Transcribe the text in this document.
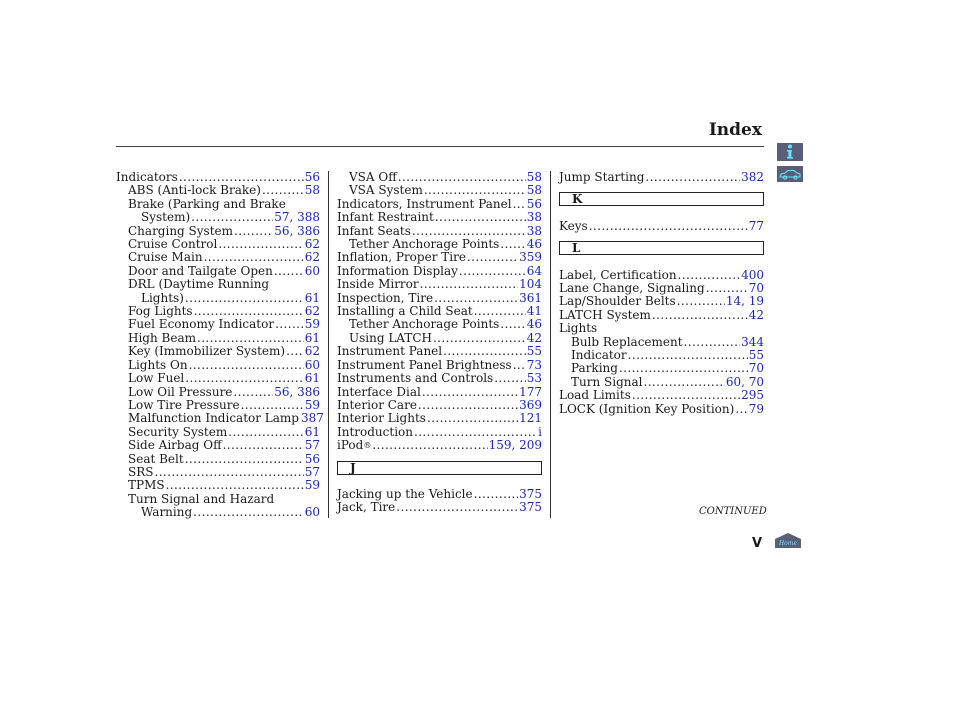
Index
Indicators .....	56
ABS (Anti-lock Brake) .....	58
Brake (Parking and Brake
System) .....	57, 388
Charging System .....	56, 386
Cruise Control .....	62
Cruise Main .....	62
Door and Tailgate Open .....	60
DRL (Daytime Running
Lights) .....	61
Fog Lights .....	62
Fuel Economy Indicator .....	59
High Beam .....	61
Key (Immobilizer System) ..... 62
Lights On .....	60
Low Fuel .....	61
Low Oil Pressure .....	56, 386
Low Tire Pressure .....	59
Malfunction Indicator Lamp 387
Security System .....	61
Side Airbag Off .....	57
Seat Belt .....	56
SRS .....	57
TPMS .....	59
Turn Signal and Hazard
Warning .....	60
VSA Off .....	58
VSA System .....	58
Indicators, Instrument Panel ..... 56
Infant Restraint .....	38
Infant Seats .....	38
Tether Anchorage Points ..... 46
Inflation, Proper Tire .....	359
Information Display .....	64
Inside Mirror .....	104
Inspection, Tire .....	361
Installing a Child Seat .....	41
Tether Anchorage Points ..... 46
Using LATCH .....	42
Instrument Panel .....	55
Instrument Panel Brightness ..... 73
Instruments and Controls .....	53
Interface Dial .....	177
Interior Care .....	369
Interior Lights .....	121
Introduction .....	i
iPod ® .....	159, 209
J
Jacking up the Vehicle .....	375
Jack, Tire .....	375
Jump Starting .....	382
K
Keys .....	77
L
Label, Certification .....	400
Lane Change, Signaling .....	70
Lap/Shoulder Belts .....	14, 19
LATCH System .....	42
Lights
Bulb Replacement .....	344
Indicator .....	55
Parking .....	70
Turn Signal .....	60, 70
Load Limits .....	295
LOCK (Ignition Key Position) ..... 79
CONTINUED
V	Home
